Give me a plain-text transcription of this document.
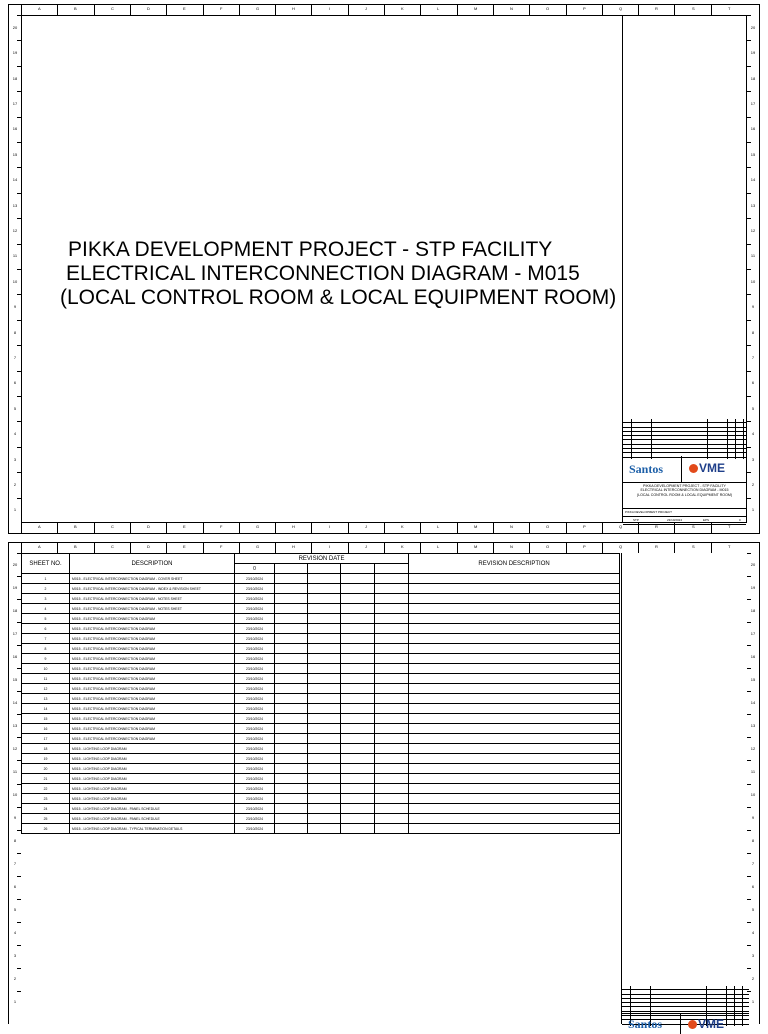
A	B	C	D	E	F	G	H	I	J	K	L	M	N	O	P	Q	R	S	T
A	B	C	D	E	F	G	H	I	J	K	L	M	N	O	P	Q	R	S	T
20
19
18
17
16
15
14
13
12
11
10
9
8
7
6
5
4
3
2
1
20
19
18
17
16
15
14
13
12
11
10
9
8
7
6
5
4
3
2
1
PIKKA DEVELOPMENT PROJECT - STP FACILITY
ELECTRICAL INTERCONNECTION DIAGRAM - M015
(LOCAL CONTROL ROOM & LOCAL EQUIPMENT ROOM)
Santos	VME
PIKKA DEVELOPMENT PROJECT - STP FACILITY
ELECTRICAL INTERCONNECTION DIAGRAM - M015
(LOCAL CONTROL ROOM & LOCAL EQUIPMENT ROOM)
PIKKA DEVELOPMENT PROJECT
STP	23/10/2024	EPS	0
A	B	C	D	E	F	G	H	I	J	K	L	M	N	O	P	Q	R	S	T
20
19
18
17
16
15
14
13
12
11
10
9
8
7
6
5
4
3
2
1
20
19
18
17
16
15
14
13
12
11
10
9
8
7
6
5
4
3
2
1
SHEET NO.	DESCRIPTION	REVISION DATE					REVISION DESCRIPTION
		0					
1	M015 - ELECTRICAL INTERCONNECTION DIAGRAM - COVER SHEET	23/10/2024					
2	M015 - ELECTRICAL INTERCONNECTION DIAGRAM - INDEX & REVISION SHEET	23/10/2024					
3	M015 - ELECTRICAL INTERCONNECTION DIAGRAM - NOTES SHEET	23/10/2024					
4	M015 - ELECTRICAL INTERCONNECTION DIAGRAM - NOTES SHEET	23/10/2024					
5	M015 - ELECTRICAL INTERCONNECTION DIAGRAM	23/10/2024					
6	M015 - ELECTRICAL INTERCONNECTION DIAGRAM	23/10/2024					
7	M015 - ELECTRICAL INTERCONNECTION DIAGRAM	23/10/2024					
8	M015 - ELECTRICAL INTERCONNECTION DIAGRAM	23/10/2024					
9	M015 - ELECTRICAL INTERCONNECTION DIAGRAM	23/10/2024					
10	M015 - ELECTRICAL INTERCONNECTION DIAGRAM	23/10/2024					
11	M015 - ELECTRICAL INTERCONNECTION DIAGRAM	23/10/2024					
12	M015 - ELECTRICAL INTERCONNECTION DIAGRAM	23/10/2024					
13	M015 - ELECTRICAL INTERCONNECTION DIAGRAM	23/10/2024					
14	M015 - ELECTRICAL INTERCONNECTION DIAGRAM	23/10/2024					
15	M015 - ELECTRICAL INTERCONNECTION DIAGRAM	23/10/2024					
16	M015 - ELECTRICAL INTERCONNECTION DIAGRAM	23/10/2024					
17	M015 - ELECTRICAL INTERCONNECTION DIAGRAM	23/10/2024					
18	M015 - LIGHTING LOOP DIAGRAM	23/10/2024					
19	M015 - LIGHTING LOOP DIAGRAM	23/10/2024					
20	M015 - LIGHTING LOOP DIAGRAM	23/10/2024					
21	M015 - LIGHTING LOOP DIAGRAM	23/10/2024					
22	M015 - LIGHTING LOOP DIAGRAM	23/10/2024					
23	M015 - LIGHTING LOOP DIAGRAM	23/10/2024					
24	M015 - LIGHTING LOOP DIAGRAM - PANEL SCHEDULE	23/10/2024					
25	M015 - LIGHTING LOOP DIAGRAM - PANEL SCHEDULE	23/10/2024					
26	M015 - LIGHTING LOOP DIAGRAM - TYPICAL TERMINATION DETAILS	23/10/2024					
Santos	VME
